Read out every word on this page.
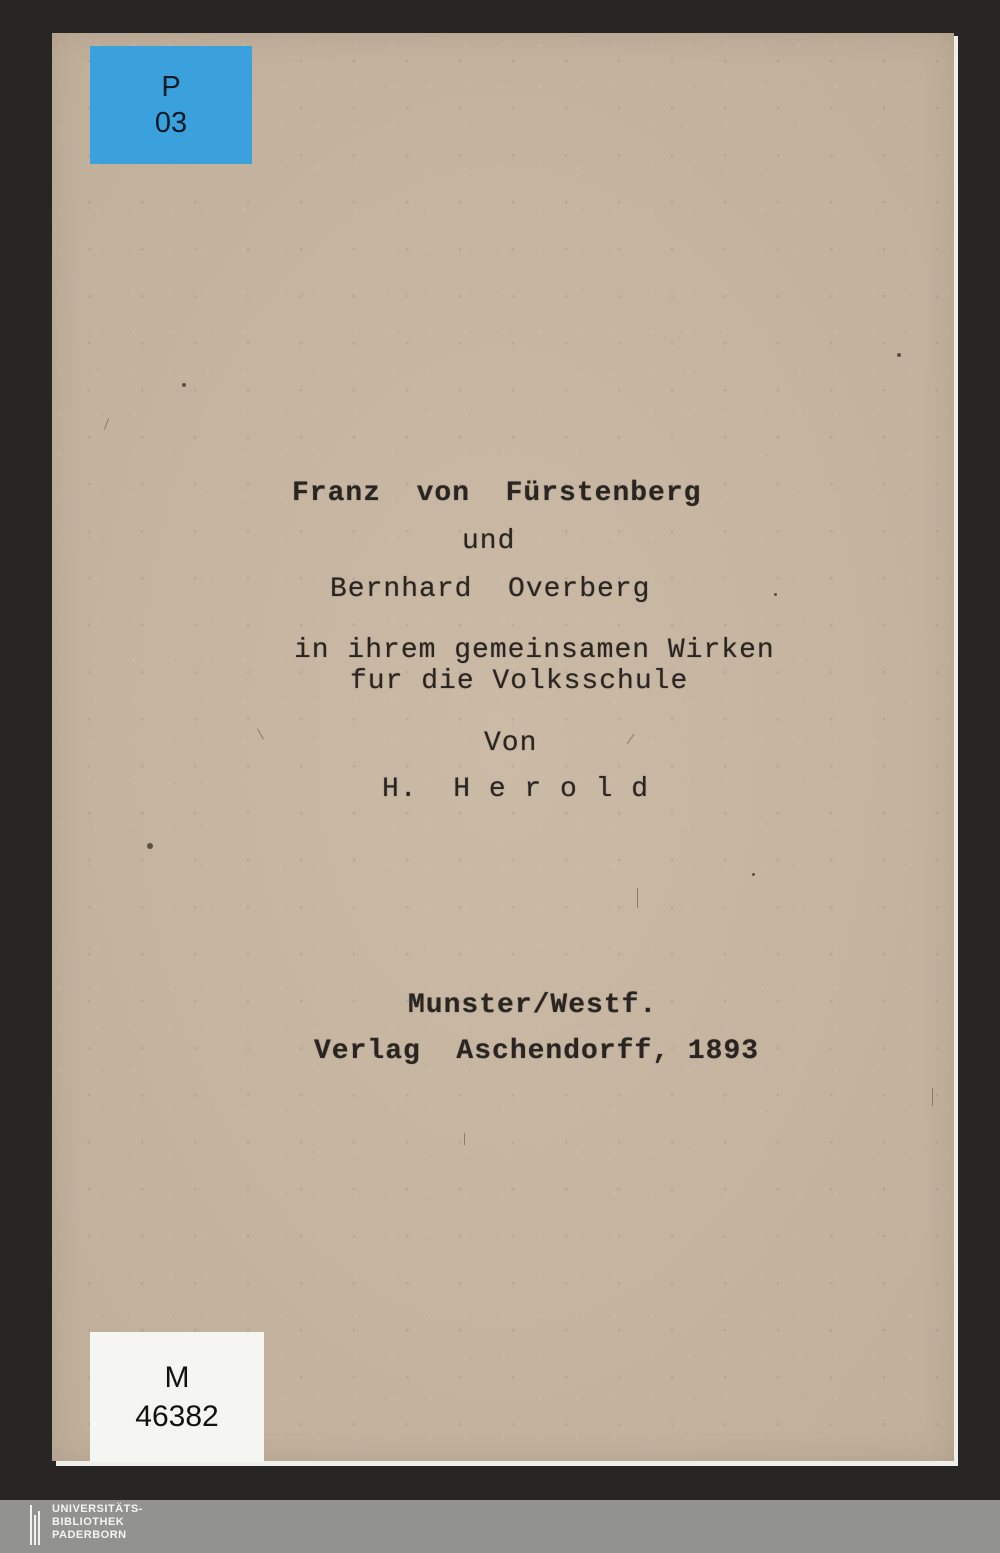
P
03
Franz  von  Fürstenberg
und
Bernhard  Overberg
in ihrem gemeinsamen Wirken
fur die Volksschule
Von
H.  H e r o l d
Munster/Westf.
Verlag  Aschendorff, 1893
M
46382
UNIVERSITÄTS-
BIBLIOTHEK
PADERBORN
